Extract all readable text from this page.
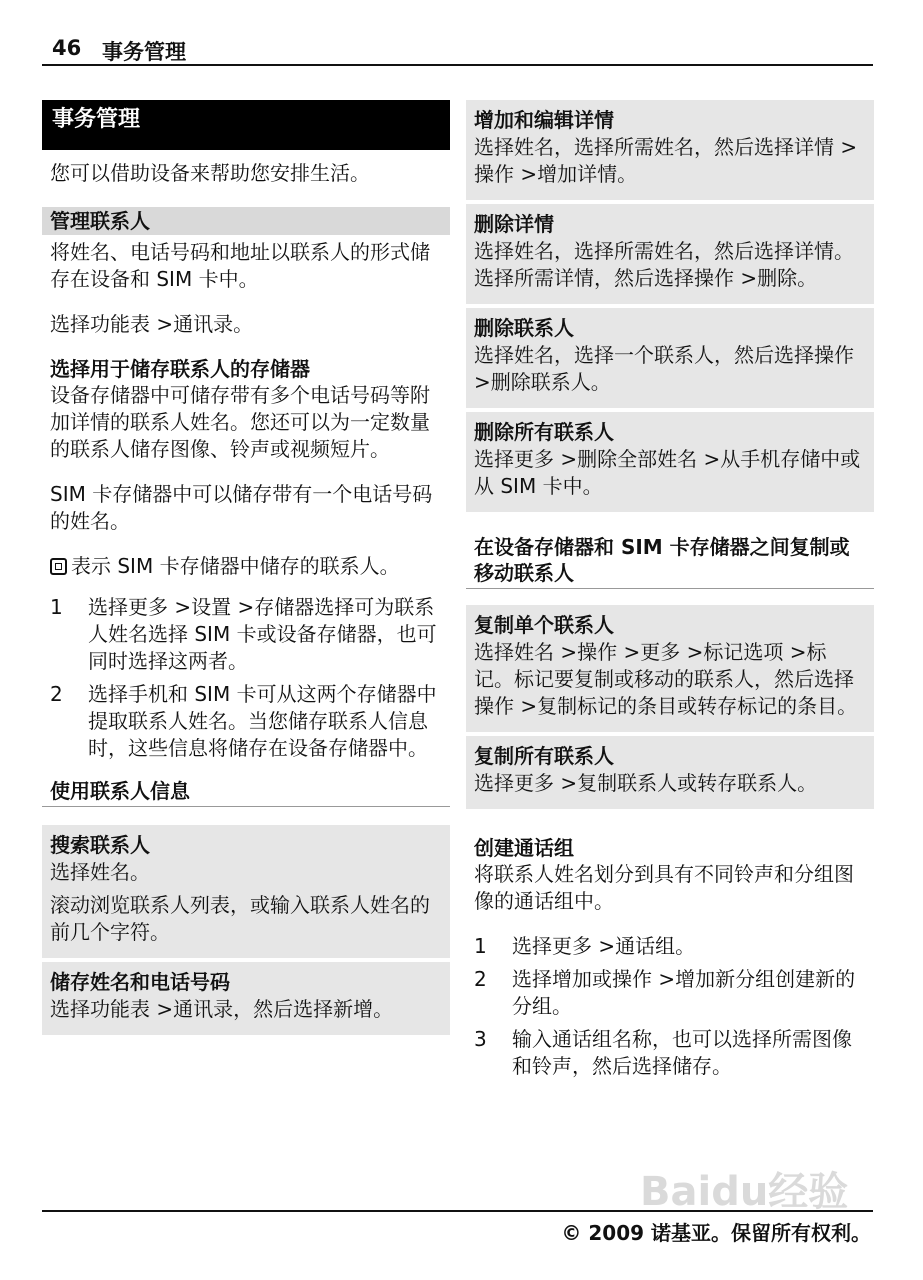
46 事务管理
事务管理

您可以借助设备来帮助您安排生活。

管理联系人

将姓名、电话号码和地址以联系人的形式储存在设备和 SIM 卡中。

选择功能表 >通讯录。

选择用于储存联系人的存储器

设备存储器中可储存带有多个电话号码等附加详情的联系人姓名。您还可以为一定数量的联系人储存图像、铃声或视频短片。

SIM 卡存储器中可以储存带有一个电话号码的姓名。

表示 SIM 卡存储器中储存的联系人。

1 选择更多 >设置 >存储器选择可为联系人姓名选择 SIM 卡或设备存储器，也可同时选择这两者。
2 选择手机和 SIM 卡可从这两个存储器中提取联系人姓名。当您储存联系人信息时，这些信息将储存在设备存储器中。
使用联系人信息
搜索联系人

选择姓名。

滚动浏览联系人列表，或输入联系人姓名的前几个字符。

储存姓名和电话号码

选择功能表 >通讯录，然后选择新增。

增加和编辑详情

选择姓名，选择所需姓名，然后选择详情 >操作 >增加详情。

删除详情

选择姓名，选择所需姓名，然后选择详情。选择所需详情，然后选择操作 >删除。

删除联系人

选择姓名，选择一个联系人，然后选择操作 >删除联系人。

删除所有联系人

选择更多 >删除全部姓名 >从手机存储中或从 SIM 卡中。

在设备存储器和 SIM 卡存储器之间复制或移动联系人
复制单个联系人

选择姓名 >操作 >更多 >标记选项 >标记。标记要复制或移动的联系人，然后选择操作 >复制标记的条目或转存标记的条目。

复制所有联系人

选择更多 >复制联系人或转存联系人。

创建通话组

将联系人姓名划分到具有不同铃声和分组图像的通话组中。

1 选择更多 >通话组。
2 选择增加或操作 >增加新分组创建新的分组。
3 输入通话组名称，也可以选择所需图像和铃声，然后选择储存。
Baidu经验
© 2009 诺基亚。保留所有权利。
